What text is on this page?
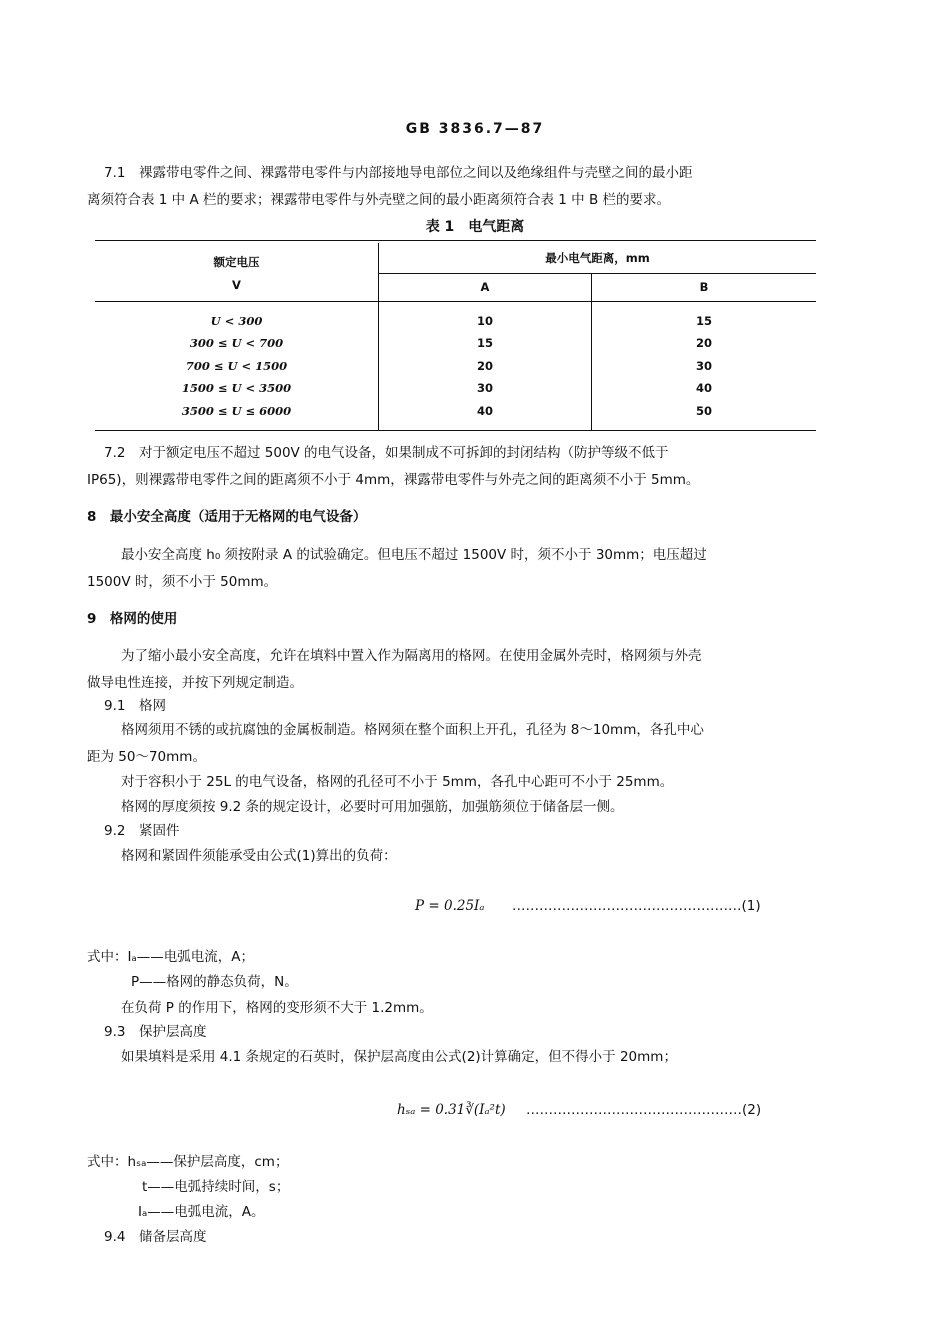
GB 3836.7—87
7.1　裸露带电零件之间、裸露带电零件与内部接地导电部位之间以及绝缘组件与壳壁之间的最小距
离须符合表 1 中 A 栏的要求；裸露带电零件与外壳壁之间的最小距离须符合表 1 中 B 栏的要求。
表 1　电气距离

额定电压
V	最小电气距离，mm	
	A	B

U < 300	10	15
300 ≤ U < 700	15	20
700 ≤ U < 1500	20	30
1500 ≤ U < 3500	30	40
3500 ≤ U ≤ 6000	40	50

7.2　对于额定电压不超过 500V 的电气设备，如果制成不可拆卸的封闭结构（防护等级不低于
IP65)，则裸露带电零件之间的距离须不小于 4mm，裸露带电零件与外壳之间的距离须不小于 5mm。
8　最小安全高度（适用于无格网的电气设备）
最小安全高度 h₀ 须按附录 A 的试验确定。但电压不超过 1500V 时，须不小于 30mm；电压超过
1500V 时，须不小于 50mm。
9　格网的使用
为了缩小最小安全高度，允许在填料中置入作为隔离用的格网。在使用金属外壳时，格网须与外壳
做导电性连接，并按下列规定制造。
9.1　格网
格网须用不锈的或抗腐蚀的金属板制造。格网须在整个面积上开孔，孔径为 8～10mm，各孔中心
距为 50～70mm。
对于容积小于 25L 的电气设备，格网的孔径可不小于 5mm，各孔中心距可不小于 25mm。
格网的厚度须按 9.2 条的规定设计，必要时可用加强筋，加强筋须位于储备层一侧。
9.2　紧固件
格网和紧固件须能承受由公式(1)算出的负荷：
P = 0.25Iₐ ……………………………………………(1)
式中：Iₐ——电弧电流，A；
P——格网的静态负荷，N。
在负荷 P 的作用下，格网的变形须不大于 1.2mm。
9.3　保护层高度
如果填料是采用 4.1 条规定的石英时，保护层高度由公式(2)计算确定，但不得小于 20mm；
hₛₐ = 0.31∛(Iₐ²t) …………………………………………(2)
式中：hₛₐ——保护层高度，cm；
t——电弧持续时间，s；
Iₐ——电弧电流，A。
9.4　储备层高度
